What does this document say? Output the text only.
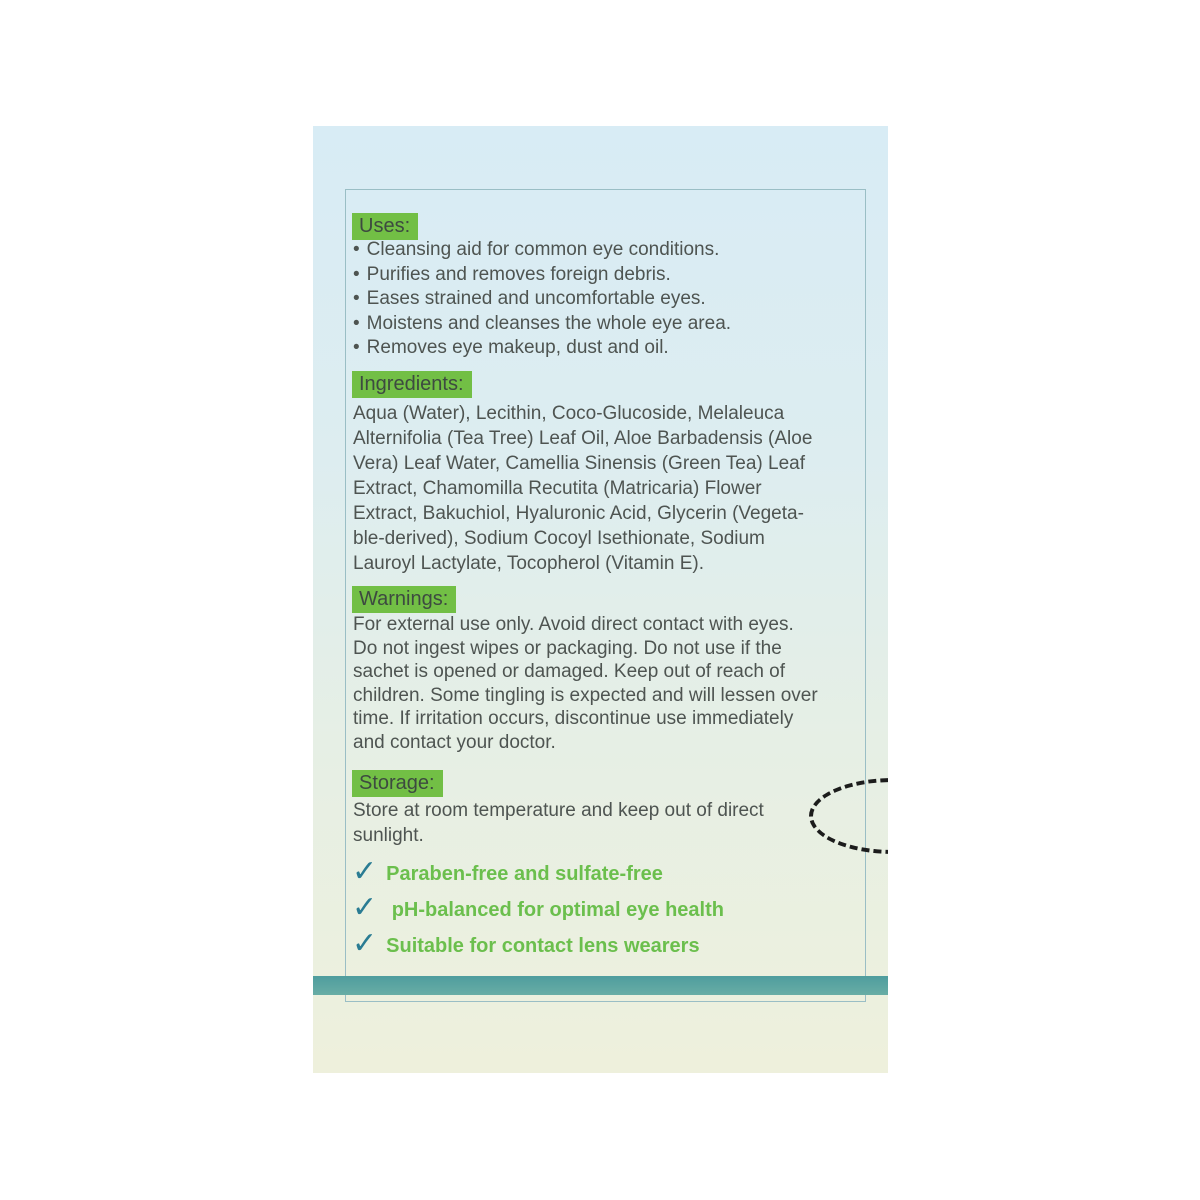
Uses:
• Cleansing aid for common eye conditions.
• Purifies and removes foreign debris.
• Eases strained and uncomfortable eyes.
• Moistens and cleanses the whole eye area.
• Removes eye makeup, dust and oil.
Ingredients:
Aqua (Water), Lecithin, Coco-Glucoside, Melaleuca
Alternifolia (Tea Tree) Leaf Oil, Aloe Barbadensis (Aloe
Vera) Leaf Water, Camellia Sinensis (Green Tea) Leaf
Extract, Chamomilla Recutita (Matricaria) Flower
Extract, Bakuchiol, Hyaluronic Acid, Glycerin (Vegeta-
ble-derived), Sodium Cocoyl Isethionate, Sodium
Lauroyl Lactylate, Tocopherol (Vitamin E).
Warnings:
For external use only. Avoid direct contact with eyes.
Do not ingest wipes or packaging. Do not use if the
sachet is opened or damaged. Keep out of reach of
children. Some tingling is expected and will lessen over
time. If irritation occurs, discontinue use immediately
and contact your doctor.
Storage:
Store at room temperature and keep out of direct
sunlight.
✓ Paraben-free and sulfate-free
✓ pH-balanced for optimal eye health
✓ Suitable for contact lens wearers
